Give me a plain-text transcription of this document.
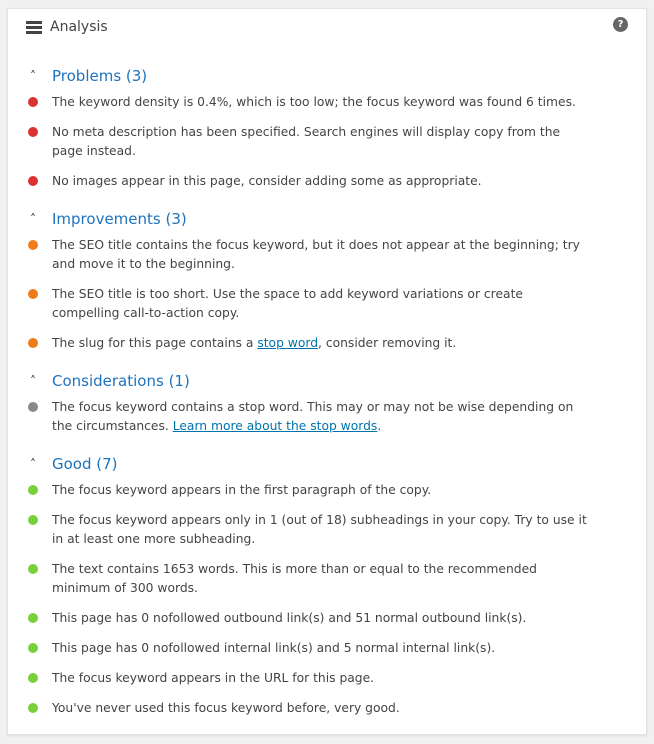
Analysis	?
˄	Problems (3)
The keyword density is 0.4%, which is too low; the focus keyword was found 6 times.
No meta description has been specified. Search engines will display copy from the page instead.
No images appear in this page, consider adding some as appropriate.
˄	Improvements (3)
The SEO title contains the focus keyword, but it does not appear at the beginning; try and move it to the beginning.
The SEO title is too short. Use the space to add keyword variations or create compelling call-to-action copy.
The slug for this page contains a stop word, consider removing it.
˄	Considerations (1)
The focus keyword contains a stop word. This may or may not be wise depending on the circumstances. Learn more about the stop words.
˄	Good (7)
The focus keyword appears in the first paragraph of the copy.
The focus keyword appears only in 1 (out of 18) subheadings in your copy. Try to use it in at least one more subheading.
The text contains 1653 words. This is more than or equal to the recommended minimum of 300 words.
This page has 0 nofollowed outbound link(s) and 51 normal outbound link(s).
This page has 0 nofollowed internal link(s) and 5 normal internal link(s).
The focus keyword appears in the URL for this page.
You've never used this focus keyword before, very good.
